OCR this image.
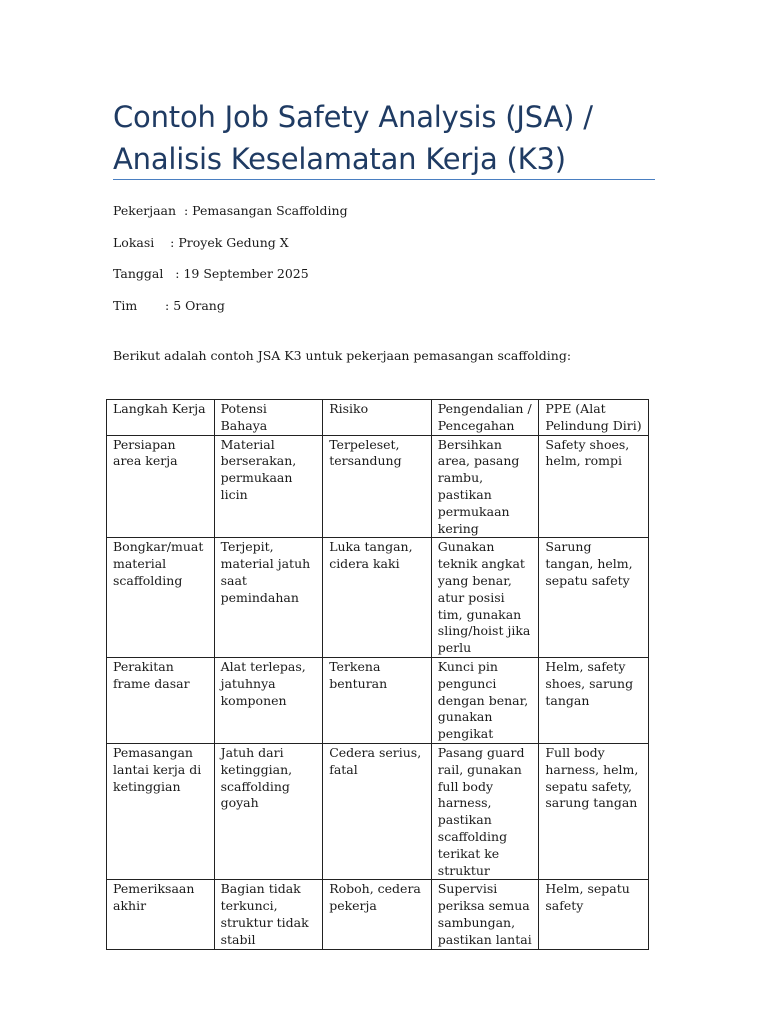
Contoh Job Safety Analysis (JSA) /
Analisis Keselamatan Kerja (K3)
Pekerjaan  : Pemasangan Scaffolding
Lokasi    : Proyek Gedung X
Tanggal   : 19 September 2025
Tim       : 5 Orang

Berikut adalah contoh JSA K3 untuk pekerjaan pemasangan scaffolding:

Langkah Kerja	Potensi Bahaya	Risiko	Pengendalian / Pencegahan	PPE (Alat Pelindung Diri)
Persiapan area kerja	Material berserakan, permukaan licin	Terpeleset, tersandung	Bersihkan area, pasang rambu, pastikan permukaan kering	Safety shoes, helm, rompi
Bongkar/muat material scaffolding	Terjepit, material jatuh saat pemindahan	Luka tangan, cidera kaki	Gunakan teknik angkat yang benar, atur posisi tim, gunakan sling/hoist jika perlu	Sarung tangan, helm, sepatu safety
Perakitan frame dasar	Alat terlepas, jatuhnya komponen	Terkena benturan	Kunci pin pengunci dengan benar, gunakan pengikat	Helm, safety shoes, sarung tangan
Pemasangan lantai kerja di ketinggian	Jatuh dari ketinggian, scaffolding goyah	Cedera serius, fatal	Pasang guard rail, gunakan full body harness, pastikan scaffolding terikat ke struktur	Full body harness, helm, sepatu safety, sarung tangan
Pemeriksaan akhir	Bagian tidak terkunci, struktur tidak stabil	Roboh, cedera pekerja	Supervisi periksa semua sambungan, pastikan lantai	Helm, sepatu safety
